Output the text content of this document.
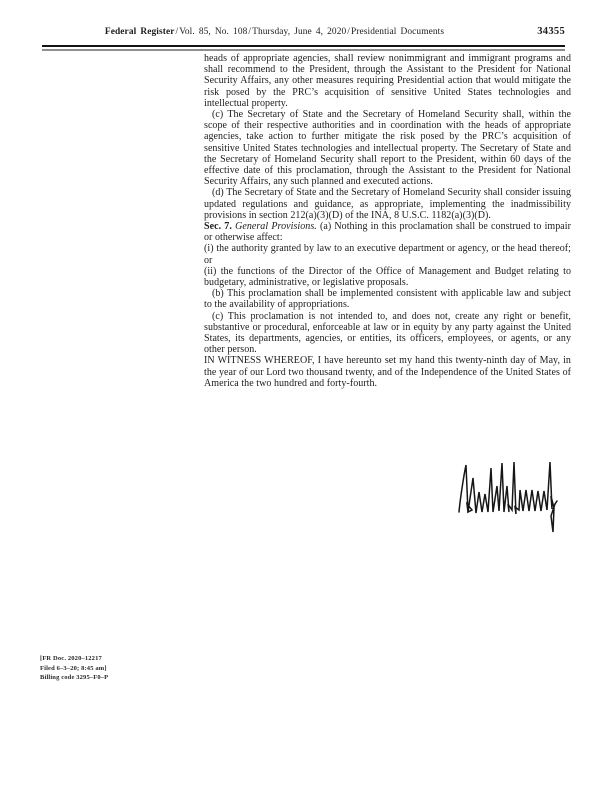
Federal Register/Vol. 85, No. 108/Thursday, June 4, 2020/Presidential Documents	34355

heads of appropriate agencies, shall review nonimmigrant and immigrant programs and shall recommend to the President, through the Assistant to the President for National Security Affairs, any other measures requiring Presidential action that would mitigate the risk posed by the PRC’s acquisition of sensitive United States technologies and intellectual property.

(c) The Secretary of State and the Secretary of Homeland Security shall, within the scope of their respective authorities and in coordination with the heads of appropriate agencies, take action to further mitigate the risk posed by the PRC’s acquisition of sensitive United States technologies and intellectual property. The Secretary of State and the Secretary of Homeland Security shall report to the President, within 60 days of the effective date of this proclamation, through the Assistant to the President for National Security Affairs, any such planned and executed actions.

(d) The Secretary of State and the Secretary of Homeland Security shall consider issuing updated regulations and guidance, as appropriate, implementing the inadmissibility provisions in section 212(a)(3)(D) of the INA, 8 U.S.C. 1182(a)(3)(D).

Sec. 7. General Provisions. (a) Nothing in this proclamation shall be construed to impair or otherwise affect:

(i) the authority granted by law to an executive department or agency, or the head thereof; or

(ii) the functions of the Director of the Office of Management and Budget relating to budgetary, administrative, or legislative proposals.

(b) This proclamation shall be implemented consistent with applicable law and subject to the availability of appropriations.

(c) This proclamation is not intended to, and does not, create any right or benefit, substantive or procedural, enforceable at law or in equity by any party against the United States, its departments, agencies, or entities, its officers, employees, or agents, or any other person.

IN WITNESS WHEREOF, I have hereunto set my hand this twenty-ninth day of May, in the year of our Lord two thousand twenty, and of the Independence of the United States of America the two hundred and forty-fourth.

[FR Doc. 2020–12217
Filed 6–3–20; 8:45 am]
Billing code 3295–F0–P
